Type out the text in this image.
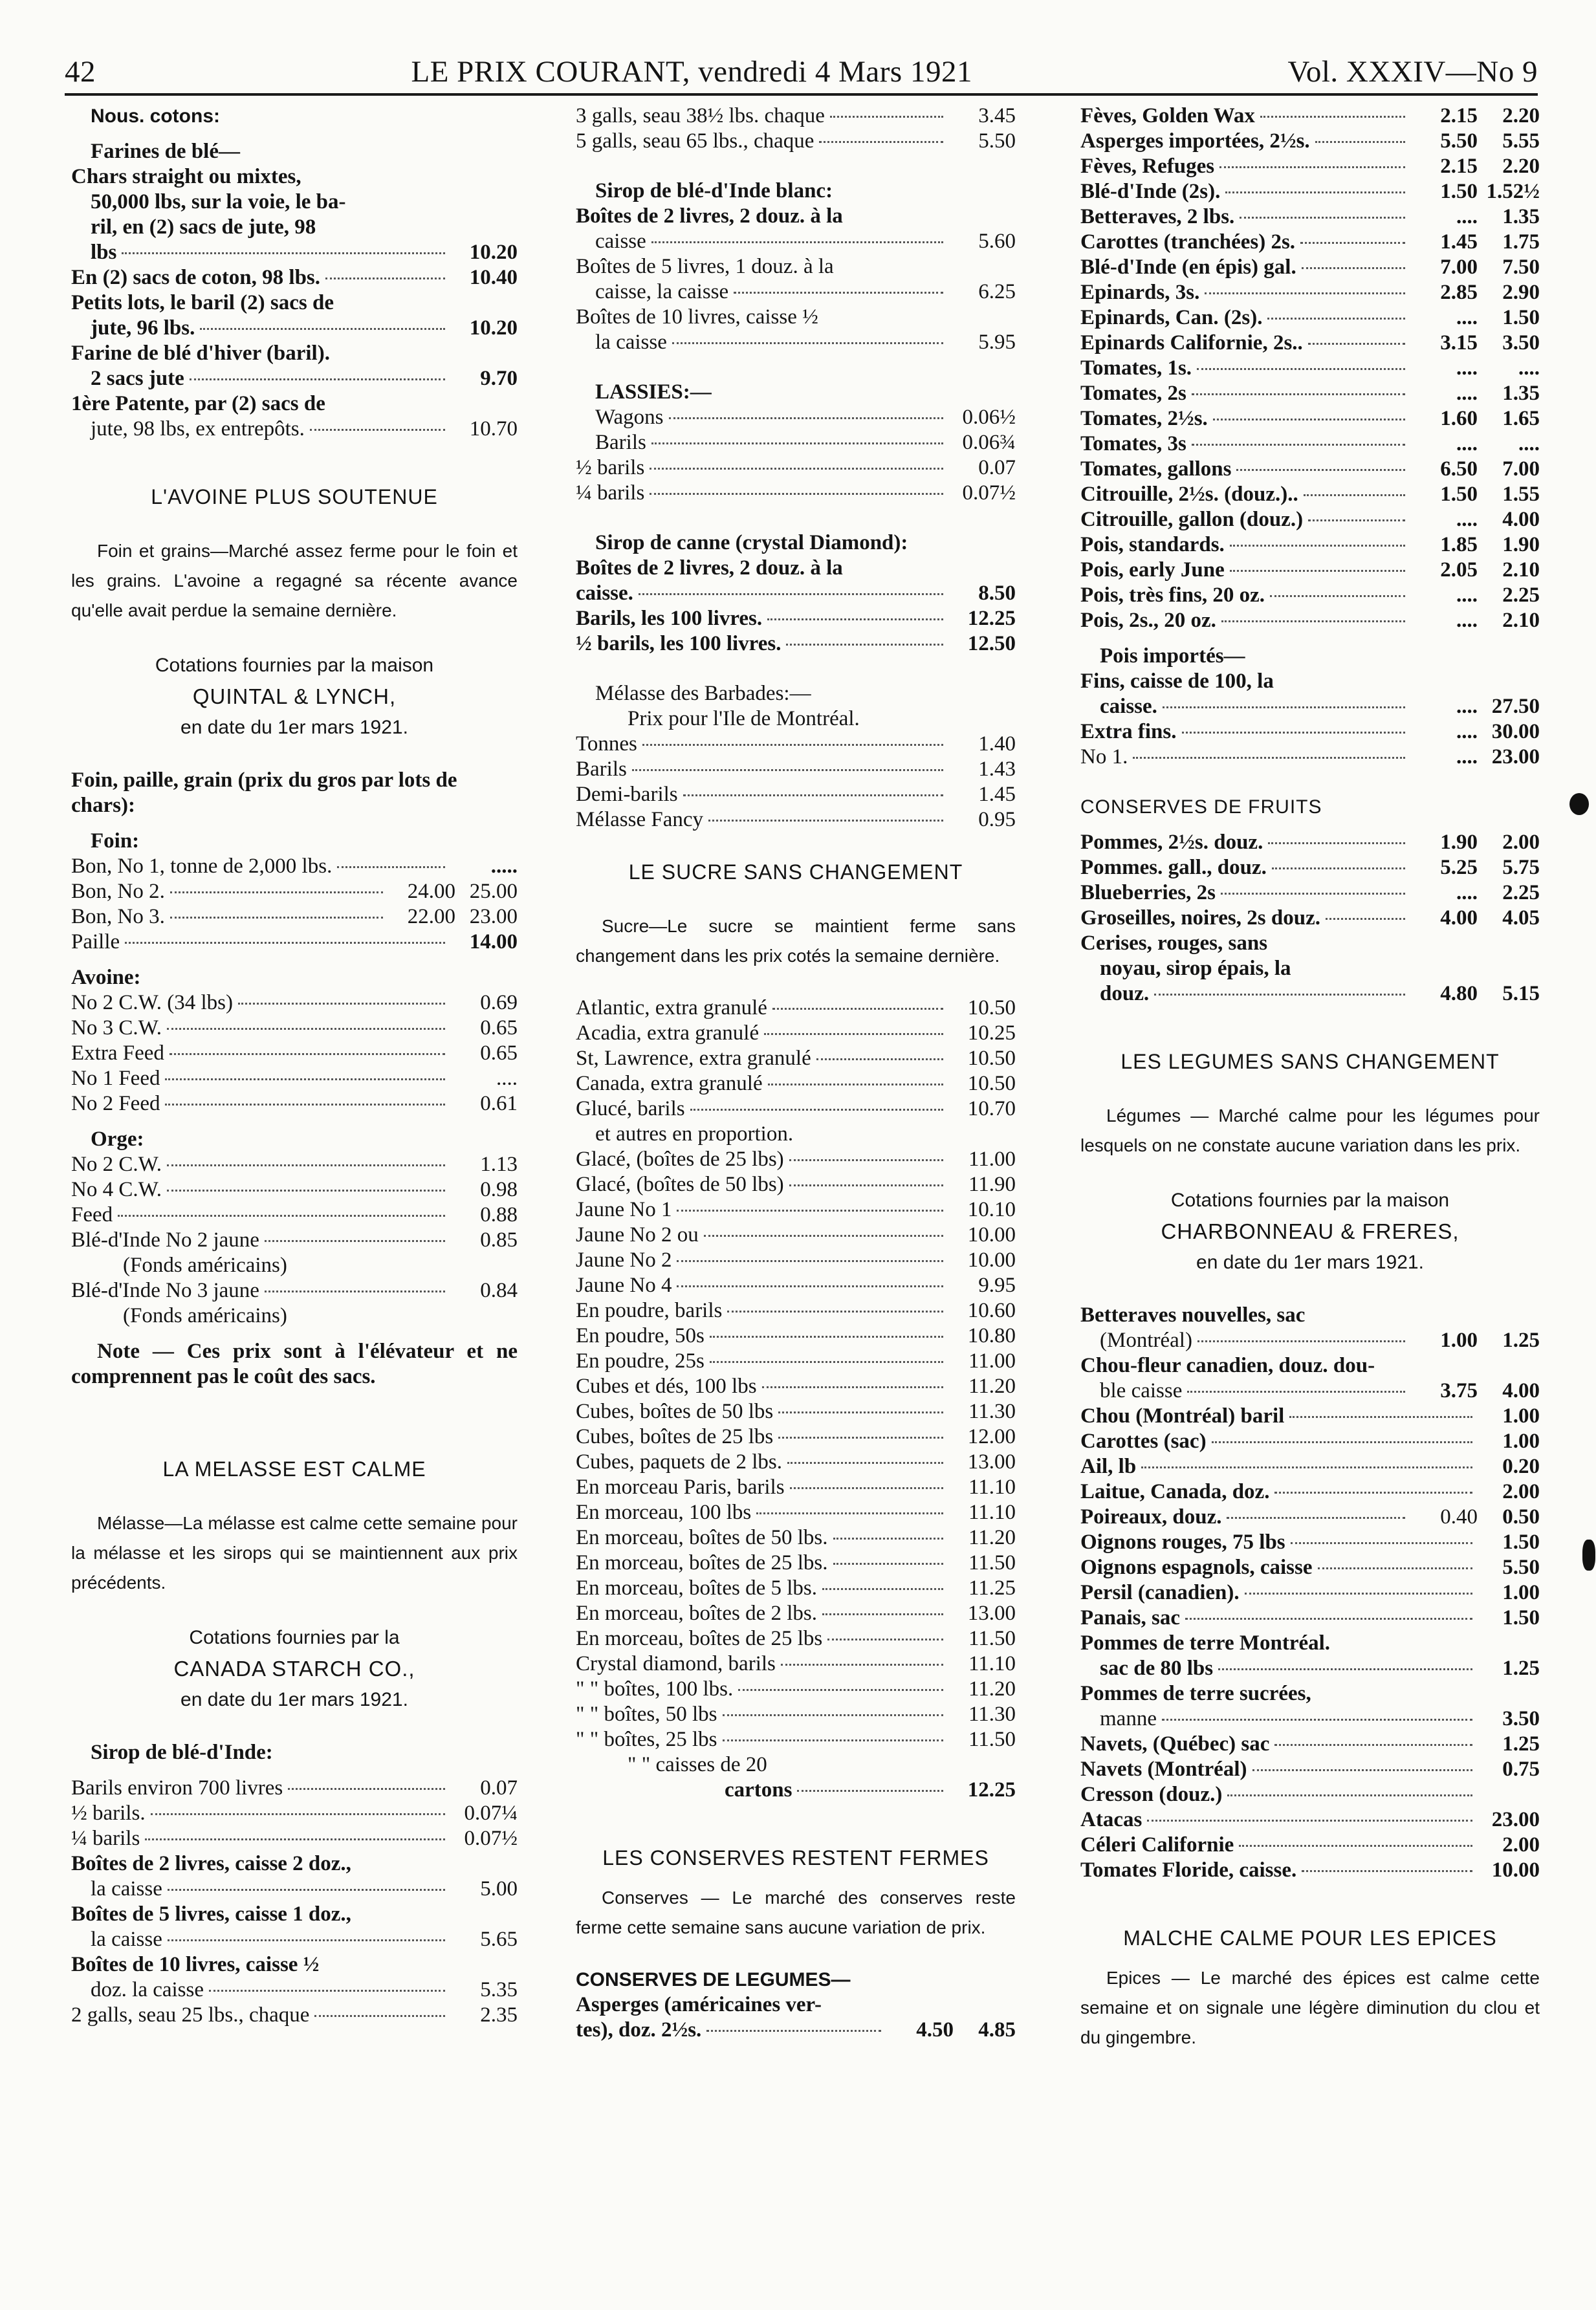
42	LE PRIX COURANT, vendredi 4 Mars 1921	Vol. XXXIV—No 9
Nous. cotons:
Farines de blé—
Chars straight ou mixtes,
50,000 lbs, sur la voie, le ba-
ril, en (2) sacs de jute, 98
lbs	10.20
En (2) sacs de coton, 98 lbs.	10.40
Petits lots, le baril (2) sacs de
jute, 96 lbs.	10.20
Farine de blé d'hiver (baril).
2 sacs jute	9.70
1ère Patente, par (2) sacs de
jute, 98 lbs, ex entrepôts.	10.70
L'AVOINE PLUS SOUTENUE
Foin et grains—Marché assez ferme pour le foin et les grains. L'avoine a regagné sa récente avance qu'elle avait perdue la semaine dernière.
Cotations fournies par la maison
QUINTAL & LYNCH,
en date du 1er mars 1921.
Foin, paille, grain (prix du gros par lots de chars):
Foin:
Bon, No 1, tonne de 2,000 lbs.	.....
Bon, No 2.	24.00 25.00
Bon, No 3.	22.00 23.00
Paille	14.00
Avoine:
No 2 C.W. (34 lbs)	0.69
No 3 C.W.	0.65
Extra Feed	0.65
No 1 Feed	....
No 2 Feed	0.61
Orge:
No 2 C.W.	1.13
No 4 C.W.	0.98
Feed	0.88
Blé-d'Inde No 2 jaune	0.85
(Fonds américains)
Blé-d'Inde No 3 jaune	0.84
(Fonds américains)
Note — Ces prix sont à l'élévateur et ne comprennent pas le coût des sacs.
LA MELASSE EST CALME
Mélasse—La mélasse est calme cette semaine pour la mélasse et les sirops qui se maintiennent aux prix précédents.
Cotations fournies par la
CANADA STARCH CO.,
en date du 1er mars 1921.
Sirop de blé-d'Inde:
Barils environ 700 livres	0.07
½ barils.	0.07¼
¼ barils	0.07½
Boîtes de 2 livres, caisse 2 doz.,
la caisse	5.00
Boîtes de 5 livres, caisse 1 doz.,
la caisse	5.65
Boîtes de 10 livres, caisse ½
doz. la caisse	5.35
2 galls, seau 25 lbs., chaque	2.35
3 galls, seau 38½ lbs. chaque	3.45
5 galls, seau 65 lbs., chaque	5.50
Sirop de blé-d'Inde blanc:
Boîtes de 2 livres, 2 douz. à la
caisse	5.60
Boîtes de 5 livres, 1 douz. à la
caisse, la caisse	6.25
Boîtes de 10 livres, caisse ½
la caisse	5.95
LASSIES:—
Wagons	0.06½
Barils	0.06¾
½ barils	0.07
¼ barils	0.07½
Sirop de canne (crystal Diamond):
Boîtes de 2 livres, 2 douz. à la
caisse.	8.50
Barils, les 100 livres.	12.25
½ barils, les 100 livres.	12.50
Mélasse des Barbades:—
Prix pour l'Ile de Montréal.
Tonnes	1.40
Barils	1.43
Demi-barils	1.45
Mélasse Fancy	0.95
LE SUCRE SANS CHANGEMENT
Sucre—Le sucre se maintient ferme sans changement dans les prix cotés la semaine dernière.
Atlantic, extra granulé	10.50
Acadia, extra granulé	10.25
St, Lawrence, extra granulé	10.50
Canada, extra granulé	10.50
Glucé, barils	10.70
et autres en proportion.
Glacé, (boîtes de 25 lbs)	11.00
Glacé, (boîtes de 50 lbs)	11.90
Jaune No 1	10.10
Jaune No 2 ou	10.00
Jaune No 2	10.00
Jaune No 4	9.95
En poudre, barils	10.60
En poudre, 50s	10.80
En poudre, 25s	11.00
Cubes et dés, 100 lbs	11.20
Cubes, boîtes de 50 lbs	11.30
Cubes, boîtes de 25 lbs	12.00
Cubes, paquets de 2 lbs.	13.00
En morceau Paris, barils	11.10
En morceau, 100 lbs	11.10
En morceau, boîtes de 50 lbs.	11.20
En morceau, boîtes de 25 lbs.	11.50
En morceau, boîtes de 5 lbs.	11.25
En morceau, boîtes de 2 lbs.	13.00
En morceau, boîtes de 25 lbs	11.50
Crystal diamond, barils	11.10
" " boîtes, 100 lbs.	11.20
" " boîtes, 50 lbs	11.30
" " boîtes, 25 lbs	11.50
" " caisses de 20
cartons	12.25
LES CONSERVES RESTENT FERMES
Conserves — Le marché des conserves reste ferme cette semaine sans aucune variation de prix.
CONSERVES DE LEGUMES—
Asperges (américaines ver-
tes), doz. 2½s.	4.50	4.85
Fèves, Golden Wax	2.15	2.20
Asperges importées, 2½s.	5.50	5.55
Fèves, Refuges	2.15	2.20
Blé-d'Inde (2s).	1.50 1.52½
Betteraves, 2 lbs.	....	1.35
Carottes (tranchées) 2s.	1.45	1.75
Blé-d'Inde (en épis) gal.	7.00	7.50
Epinards, 3s.	2.85	2.90
Epinards, Can. (2s).	....	1.50
Epinards Californie, 2s..	3.15	3.50
Tomates, 1s.	....	....
Tomates, 2s	....	1.35
Tomates, 2½s.	1.60	1.65
Tomates, 3s	....	....
Tomates, gallons	6.50	7.00
Citrouille, 2½s. (douz.)..	1.50	1.55
Citrouille, gallon (douz.)	....	4.00
Pois, standards.	1.85	1.90
Pois, early June	2.05	2.10
Pois, très fins, 20 oz.	....	2.25
Pois, 2s., 20 oz.	....	2.10
Pois importés—
Fins, caisse de 100, la
caisse.	.... 27.50
Extra fins.	.... 30.00
No 1.	.... 23.00
CONSERVES DE FRUITS
Pommes, 2½s. douz.	1.90	2.00
Pommes. gall., douz.	5.25	5.75
Blueberries, 2s	....	2.25
Groseilles, noires, 2s douz.	4.00	4.05
Cerises, rouges, sans
noyau, sirop épais, la
douz.	4.80	5.15
LES LEGUMES SANS CHANGEMENT
Légumes — Marché calme pour les légumes pour lesquels on ne constate aucune variation dans les prix.
Cotations fournies par la maison
CHARBONNEAU & FRERES,
en date du 1er mars 1921.
Betteraves nouvelles, sac
(Montréal)	1.00	1.25
Chou-fleur canadien, douz. dou-
ble caisse	3.75	4.00
Chou (Montréal) baril	1.00
Carottes (sac)	1.00
Ail, lb	0.20
Laitue, Canada, doz.	2.00
Poireaux, douz.	0.40	0.50
Oignons rouges, 75 lbs	1.50
Oignons espagnols, caisse	5.50
Persil (canadien).	1.00
Panais, sac	1.50
Pommes de terre Montréal.
sac de 80 lbs	1.25
Pommes de terre sucrées,
manne	3.50
Navets, (Québec) sac	1.25
Navets (Montréal)	0.75
Cresson (douz.)
Atacas	23.00
Céleri Californie	2.00
Tomates Floride, caisse.	10.00
MALCHE CALME POUR LES EPICES
Epices — Le marché des épices est calme cette semaine et on signale une légère diminution du clou et du gingembre.
